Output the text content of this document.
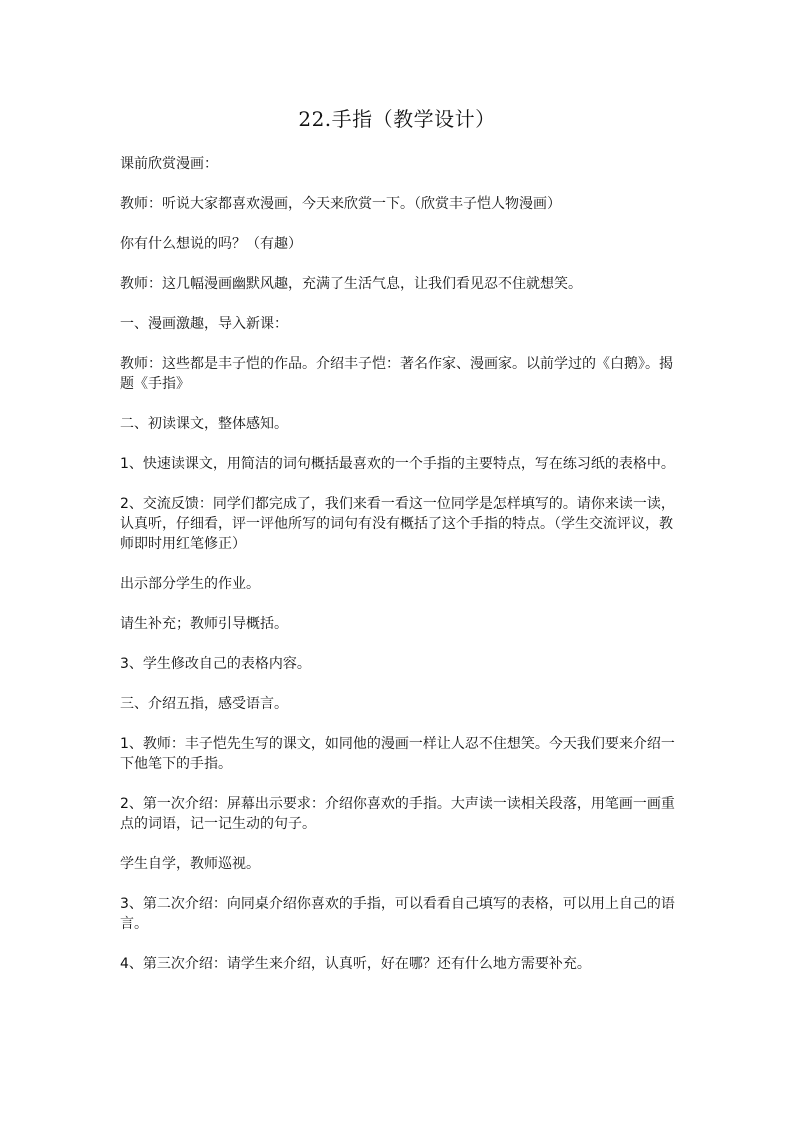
22.手指（教学设计）

课前欣赏漫画：

教师：听说大家都喜欢漫画，今天来欣赏一下。（欣赏丰子恺人物漫画）

你有什么想说的吗？（有趣）

教师：这几幅漫画幽默风趣，充满了生活气息，让我们看见忍不住就想笑。

一、漫画激趣，导入新课：

教师：这些都是丰子恺的作品。介绍丰子恺：著名作家、漫画家。以前学过的《白鹅》。揭题《手指》

二、初读课文，整体感知。

1、快速读课文，用简洁的词句概括最喜欢的一个手指的主要特点，写在练习纸的表格中。

2、交流反馈：同学们都完成了，我们来看一看这一位同学是怎样填写的。请你来读一读，认真听，仔细看，评一评他所写的词句有没有概括了这个手指的特点。（学生交流评议，教师即时用红笔修正）

出示部分学生的作业。

请生补充；教师引导概括。

3、学生修改自己的表格内容。

三、介绍五指，感受语言。

1、教师：丰子恺先生写的课文，如同他的漫画一样让人忍不住想笑。今天我们要来介绍一下他笔下的手指。

2、第一次介绍：屏幕出示要求：介绍你喜欢的手指。大声读一读相关段落，用笔画一画重点的词语，记一记生动的句子。

学生自学，教师巡视。

3、第二次介绍：向同桌介绍你喜欢的手指，可以看看自己填写的表格，可以用上自己的语言。

4、第三次介绍：请学生来介绍，认真听，好在哪？还有什么地方需要补充。
